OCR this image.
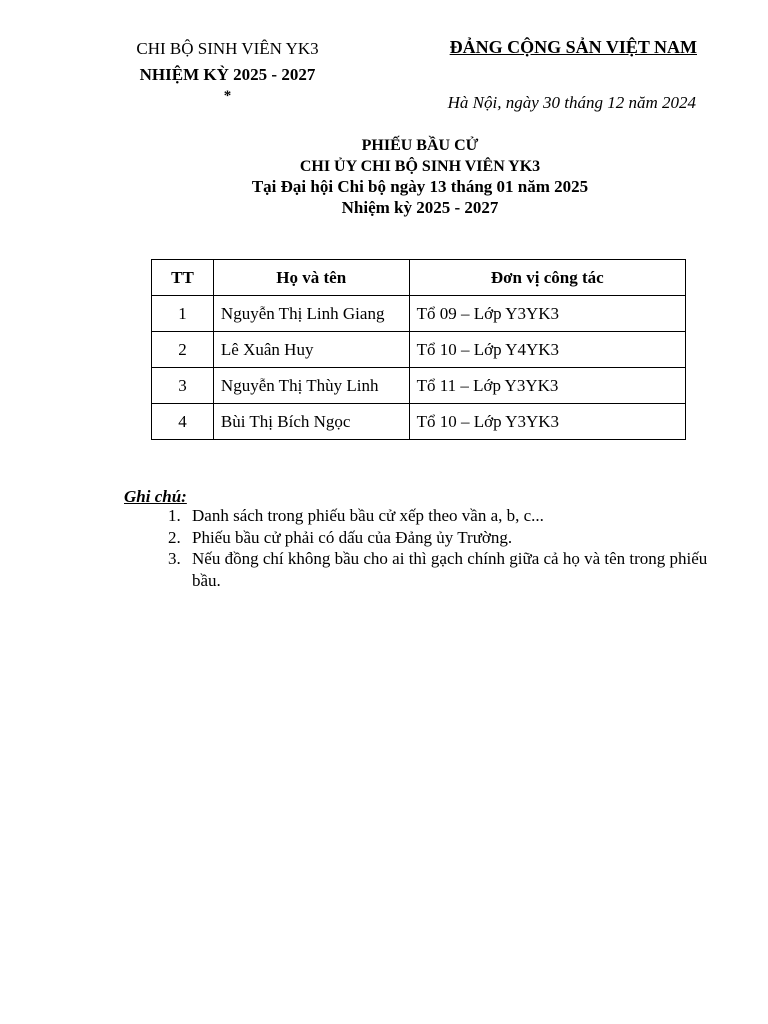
CHI BỘ SINH VIÊN YK3
NHIỆM KỲ 2025 - 2027
*
ĐẢNG CỘNG SẢN VIỆT NAM
Hà Nội, ngày 30 tháng 12 năm 2024
PHIẾU BẦU CỬ
CHI ỦY CHI BỘ SINH VIÊN YK3
Tại Đại hội Chi bộ ngày 13 tháng 01 năm 2025
Nhiệm kỳ 2025 - 2027
TT	Họ và tên	Đơn vị công tác
1	Nguyễn Thị Linh Giang	Tổ 09 – Lớp Y3YK3
2	Lê Xuân Huy	Tổ 10 – Lớp Y4YK3
3	Nguyễn Thị Thùy Linh	Tổ 11 – Lớp Y3YK3
4	Bùi Thị Bích Ngọc	Tổ 10 – Lớp Y3YK3
Ghi chú:
1. Danh sách trong phiếu bầu cử xếp theo vần a, b, c...
2. Phiếu bầu cử phải có dấu của Đảng ủy Trường.
3. Nếu đồng chí không bầu cho ai thì gạch chính giữa cả họ và tên trong phiếu bầu.
